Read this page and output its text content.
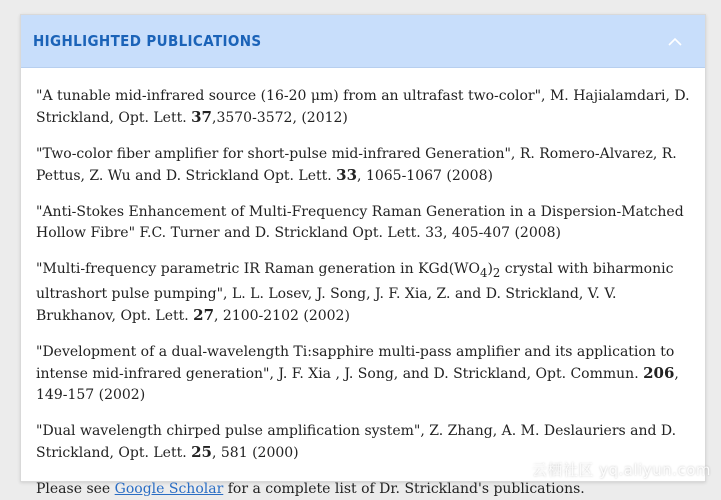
HIGHLIGHTED PUBLICATIONS

"A tunable mid-infrared source (16-20 μm) from an ultrafast two-color", M. Hajialamdari, D. Strickland, Opt. Lett. 37,3570-3572, (2012)

"Two-color fiber amplifier for short-pulse mid-infrared Generation", R. Romero-Alvarez, R. Pettus, Z. Wu and D. Strickland Opt. Lett. 33, 1065-1067 (2008)

"Anti-Stokes Enhancement of Multi-Frequency Raman Generation in a Dispersion-Matched Hollow Fibre" F.C. Turner and D. Strickland Opt. Lett. 33, 405-407 (2008)

"Multi-frequency parametric IR Raman generation in $KGd(WO_4)_2$ crystal with biharmonic ultrashort pulse pumping", L. L. Losev, J. Song, J. F. Xia, Z. and D. Strickland, V. V. Brukhanov, Opt. Lett. 27, 2100-2102 (2002)

"Development of a dual-wavelength Ti:sapphire multi-pass amplifier and its application to intense mid-infrared generation", J. F. Xia , J. Song, and D. Strickland, Opt. Commun. 206, 149-157 (2002)

"Dual wavelength chirped pulse amplification system", Z. Zhang, A. M. Deslauriers and D. Strickland, Opt. Lett. 25, 581 (2000)

Please see Google Scholar for a complete list of Dr. Strickland's publications.

云栖社区 yq.aliyun.com
